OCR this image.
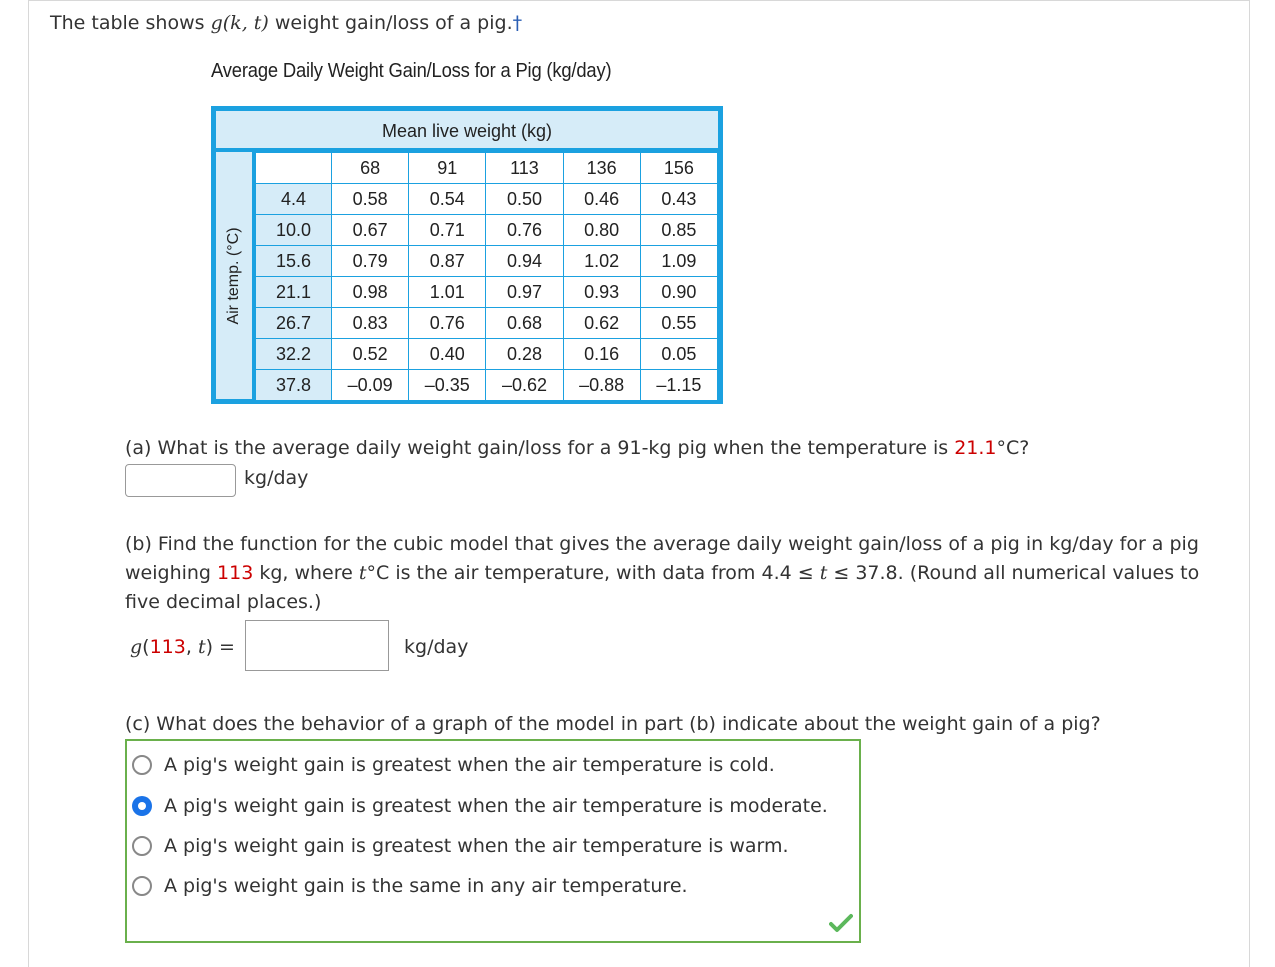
The table shows g(k, t) weight gain/loss of a pig.†
Average Daily Weight Gain/Loss for a Pig (kg/day)
Mean live weight (kg)
Air temp. (°C)
	68	91	113	136	156
4.4	0.58	0.54	0.50	0.46	0.43
10.0	0.67	0.71	0.76	0.80	0.85
15.6	0.79	0.87	0.94	1.02	1.09
21.1	0.98	1.01	0.97	0.93	0.90
26.7	0.83	0.76	0.68	0.62	0.55
32.2	0.52	0.40	0.28	0.16	0.05
37.8	–0.09	–0.35	–0.62	–0.88	–1.15
(a) What is the average daily weight gain/loss for a 91-kg pig when the temperature is 21.1°C?
kg/day
(b) Find the function for the cubic model that gives the average daily weight gain/loss of a pig in kg/day for a pig weighing 113 kg, where t°C is the air temperature, with data from 4.4 ≤ t ≤ 37.8. (Round all numerical values to five decimal places.)
g(113, t) =	kg/day
(c) What does the behavior of a graph of the model in part (b) indicate about the weight gain of a pig?
A pig's weight gain is greatest when the air temperature is cold.
A pig's weight gain is greatest when the air temperature is moderate.
A pig's weight gain is greatest when the air temperature is warm.
A pig's weight gain is the same in any air temperature.
